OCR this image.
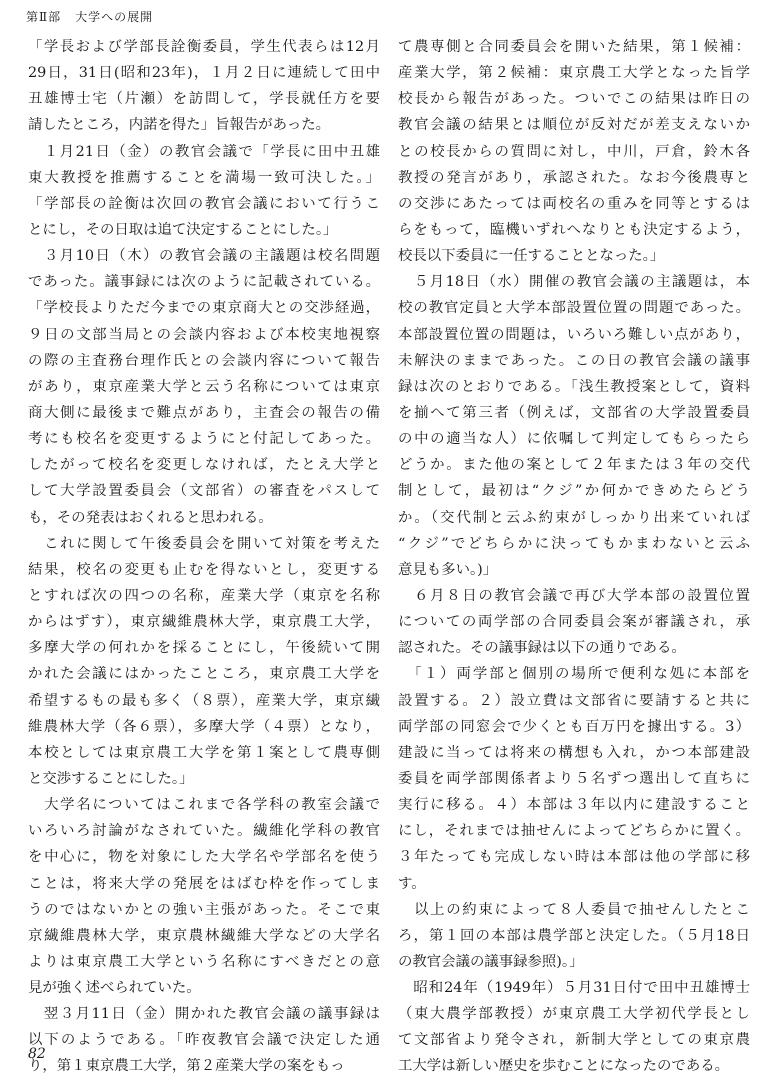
第Ⅱ部 大学への展開
「学長および学部長詮衡委員，学生代表らは12月
29日，31日(昭和23年)，１月２日に連続して田中
丑雄博士宅（片瀬）を訪問して，学長就任方を要
請したところ，内諾を得た」旨報告があった。
　１月21日（金）の教官会議で「学長に田中丑雄
東大教授を推薦することを満場一致可決した。」
「学部長の詮衡は次回の教官会議において行うこ
とにし，その日取は追て決定することにした。」
　３月10日（木）の教官会議の主議題は校名問題
であった。議事録には次のように記載されている。
「学校長よりただ今までの東京商大との交渉経過，
９日の文部当局との会談内容および本校実地視察
の際の主査務台理作氏との会談内容について報告
があり，東京産業大学と云う名称については東京
商大側に最後まで難点があり，主査会の報告の備
考にも校名を変更するようにと付記してあった。
したがって校名を変更しなければ，たとえ大学と
して大学設置委員会（文部省）の審査をパスして
も，その発表はおくれると思われる。
　これに関して午後委員会を開いて対策を考えた
結果，校名の変更も止むを得ないとし，変更する
とすれば次の四つの名称，産業大学（東京を名称
からはずす），東京繊維農林大学，東京農工大学，
多摩大学の何れかを採ることにし，午後続いて開
かれた会議にはかったこところ，東京農工大学を
希望するもの最も多く（８票），産業大学，東京繊
維農林大学（各６票），多摩大学（４票）となり，
本校としては東京農工大学を第１案として農専側
と交渉することにした。」
　大学名についてはこれまで各学科の教室会議で
いろいろ討論がなされていた。繊維化学科の教官
を中心に，物を対象にした大学名や学部名を使う
ことは，将来大学の発展をはばむ枠を作ってしま
うのではないかとの強い主張があった。そこで東
京繊維農林大学，東京農林繊維大学などの大学名
よりは東京農工大学という名称にすべきだとの意
見が強く述べられていた。
　翌３月11日（金）開かれた教官会議の議事録は
以下のようである。「昨夜教官会議で決定した通
り，第１東京農工大学，第２産業大学の案をもっ
て農専側と合同委員会を開いた結果，第１候補：
産業大学，第２候補：東京農工大学となった旨学
校長から報告があった。ついでこの結果は昨日の
教官会議の結果とは順位が反対だが差支えないか
との校長からの質問に対し，中川，戸倉，鈴木各
教授の発言があり，承認された。なお今後農専と
の交渉にあたっては両校名の重みを同等とするは
らをもって，臨機いずれへなりとも決定するよう，
校長以下委員に一任することとなった。」
　５月18日（水）開催の教官会議の主議題は，本
校の教官定員と大学本部設置位置の問題であった。
本部設置位置の問題は，いろいろ難しい点があり，
未解決のままであった。この日の教官会議の議事
録は次のとおりである。「浅生教授案として，資料
を揃へて第三者（例えば，文部省の大学設置委員
の中の適当な人）に依嘱して判定してもらったら
どうか。また他の案として２年または３年の交代
制として，最初は“クジ”か何かできめたらどう
か。（交代制と云ふ約束がしっかり出来ていれば
“クジ”でどちらかに決ってもかまわないと云ふ
意見も多い。)」
　６月８日の教官会議で再び大学本部の設置位置
についての両学部の合同委員会案が審議され，承
認された。その議事録は以下の通りである。
　「１）両学部と個別の場所で便利な処に本部を
設置する。２）設立費は文部省に要請すると共に
両学部の同窓会で少くとも百万円を據出する。3）
建設に当っては将来の構想も入れ，かつ本部建設
委員を両学部関係者より５名ずつ選出して直ちに
実行に移る。４）本部は３年以内に建設すること
にし，それまでは抽せんによってどちらかに置く。
３年たっても完成しない時は本部は他の学部に移
す。
　以上の約束によって８人委員で抽せんしたとこ
ろ，第１回の本部は農学部と決定した。（５月18日
の教官会議の議事録参照)。」
　昭和24年（1949年）５月31日付で田中丑雄博士
（東大農学部教授）が東京農工大学初代学長とし
て文部省より発令され，新制大学としての東京農
工大学は新しい歴史を歩むことになったのである。
82
